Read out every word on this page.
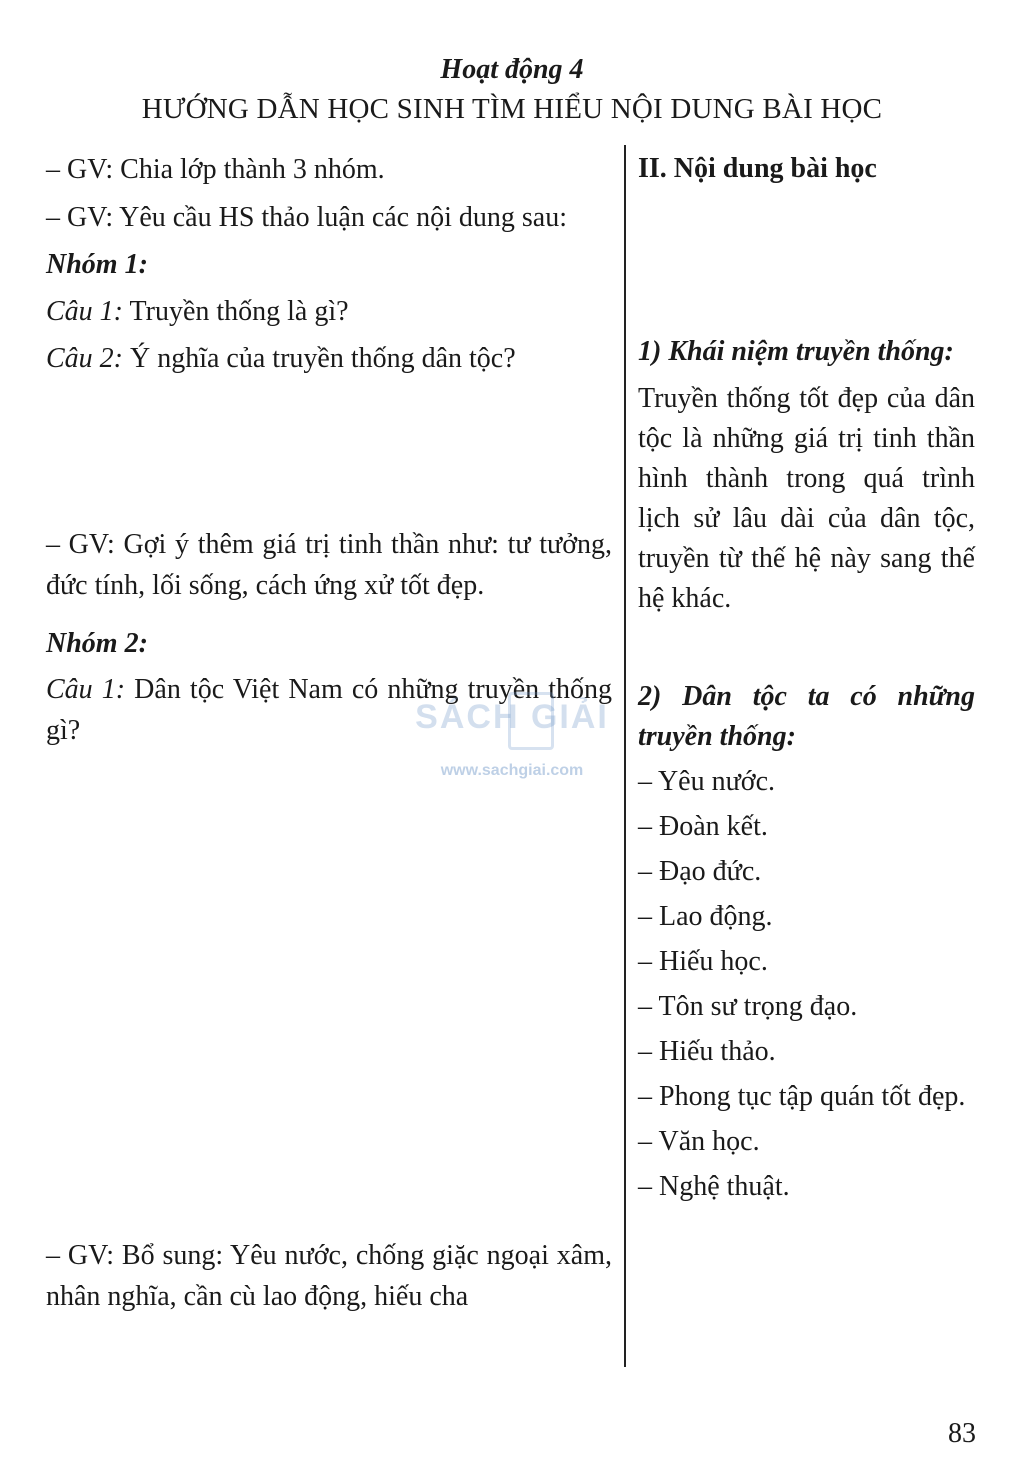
Hoạt động 4
HƯỚNG DẪN HỌC SINH TÌM HIỂU NỘI DUNG BÀI HỌC

– GV: Chia lớp thành 3 nhóm.

– GV: Yêu cầu HS thảo luận các nội dung sau:

Nhóm 1:

Câu 1: Truyền thống là gì?

Câu 2: Ý nghĩa của truyền thống dân tộc?

– GV: Gợi ý thêm giá trị tinh thần như: tư tưởng, đức tính, lối sống, cách ứng xử tốt đẹp.

Nhóm 2:

Câu 1: Dân tộc Việt Nam có những truyền thống gì?

– GV: Bổ sung: Yêu nước, chống giặc ngoại xâm, nhân nghĩa, cần cù lao động, hiếu cha

II. Nội dung bài học

1) Khái niệm truyền thống:

Truyền thống tốt đẹp của dân tộc là những giá trị tinh thần hình thành trong quá trình lịch sử lâu dài của dân tộc, truyền từ thế hệ này sang thế hệ khác.

2) Dân tộc ta có những truyền thống:

– Yêu nước.

– Đoàn kết.

– Đạo đức.

– Lao động.

– Hiếu học.

– Tôn sư trọng đạo.

– Hiếu thảo.

– Phong tục tập quán tốt đẹp.

– Văn học.

– Nghệ thuật.

SÁCH GIẢI
www.sachgiai.com
83
